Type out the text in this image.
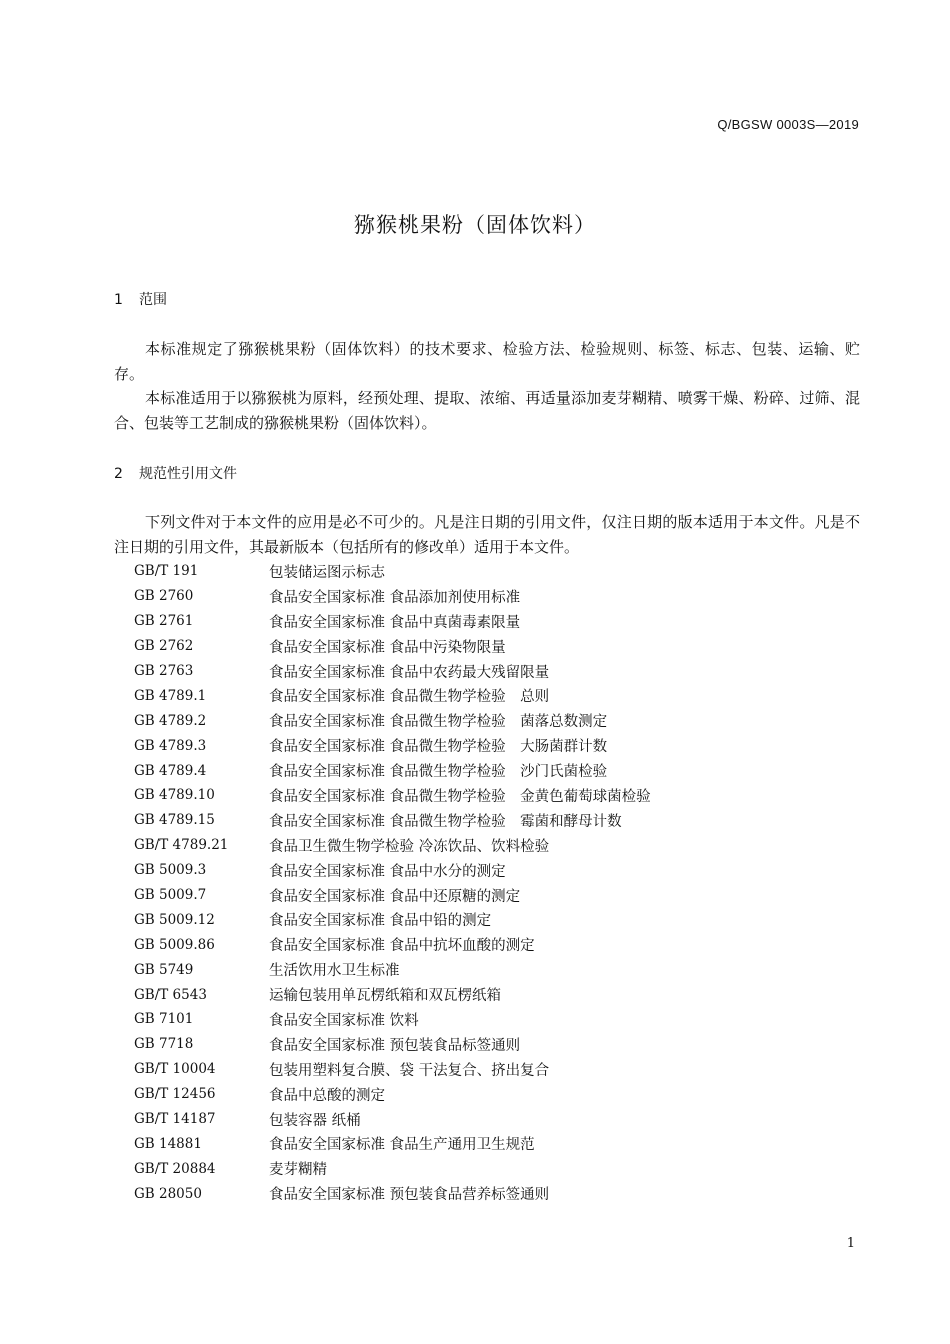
Q/BGSW 0003S—2019
猕猴桃果粉（固体饮料）
1 范围

本标准规定了猕猴桃果粉（固体饮料）的技术要求、检验方法、检验规则、标签、标志、包装、运输、贮存。

本标准适用于以猕猴桃为原料，经预处理、提取、浓缩、再适量添加麦芽糊精、喷雾干燥、粉碎、过筛、混合、包装等工艺制成的猕猴桃果粉（固体饮料）。

2 规范性引用文件

下列文件对于本文件的应用是必不可少的。凡是注日期的引用文件，仅注日期的版本适用于本文件。凡是不注日期的引用文件，其最新版本（包括所有的修改单）适用于本文件。

GB/T 191	包装储运图示标志
GB 2760	食品安全国家标准 食品添加剂使用标准
GB 2761	食品安全国家标准 食品中真菌毒素限量
GB 2762	食品安全国家标准 食品中污染物限量
GB 2763	食品安全国家标准 食品中农药最大残留限量
GB 4789.1	食品安全国家标准 食品微生物学检验　总则
GB 4789.2	食品安全国家标准 食品微生物学检验　菌落总数测定
GB 4789.3	食品安全国家标准 食品微生物学检验　大肠菌群计数
GB 4789.4	食品安全国家标准 食品微生物学检验　沙门氏菌检验
GB 4789.10	食品安全国家标准 食品微生物学检验　金黄色葡萄球菌检验
GB 4789.15	食品安全国家标准 食品微生物学检验　霉菌和酵母计数
GB/T 4789.21	食品卫生微生物学检验 冷冻饮品、饮料检验
GB 5009.3	食品安全国家标准 食品中水分的测定
GB 5009.7	食品安全国家标准 食品中还原糖的测定
GB 5009.12	食品安全国家标准 食品中铅的测定
GB 5009.86	食品安全国家标准 食品中抗坏血酸的测定
GB 5749	生活饮用水卫生标准
GB/T 6543	运输包装用单瓦楞纸箱和双瓦楞纸箱
GB 7101	食品安全国家标准 饮料
GB 7718	食品安全国家标准 预包装食品标签通则
GB/T 10004	包装用塑料复合膜、袋 干法复合、挤出复合
GB/T 12456	食品中总酸的测定
GB/T 14187	包装容器 纸桶
GB 14881	食品安全国家标准 食品生产通用卫生规范
GB/T 20884	麦芽糊精
GB 28050	食品安全国家标准 预包装食品营养标签通则
1
